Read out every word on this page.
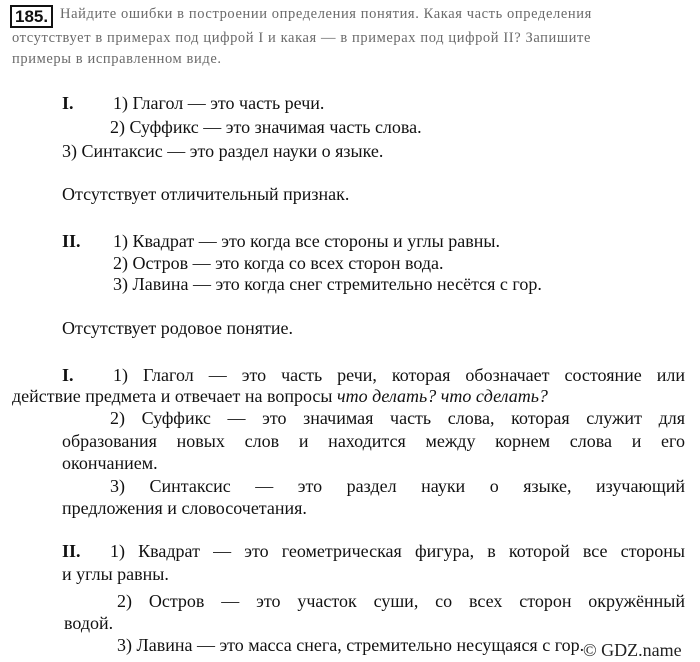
185. Найдите ошибки в построении определения понятия. Какая часть определения
отсутствует в примерах под цифрой I и какая — в примерах под цифрой II? Запишите
примеры в исправленном виде.
I. 1) Глагол — это часть речи.
2) Суффикс — это значимая часть слова.
3) Синтаксис — это раздел науки о языке.
Отсутствует отличительный признак.
II. 1) Квадрат — это когда все стороны и углы равны.
2) Остров — это когда со всех сторон вода.
3) Лавина — это когда снег стремительно несётся с гор.
Отсутствует родовое понятие.
I. 1) Глагол — это часть речи, которая обозначает состояние или
действие предмета и отвечает на вопросы что делать? что сделать?
2) Суффикс — это значимая часть слова, которая служит для
образования новых слов и находится между корнем слова и его
окончанием.
3) Синтаксис — это раздел науки о языке, изучающий
предложения и словосочетания.
II. 1) Квадрат — это геометрическая фигура, в которой все стороны
и углы равны.
2) Остров — это участок суши, со всех сторон окружённый
водой.
3) Лавина — это масса снега, стремительно несущаяся с гор.
© GDZ.name
